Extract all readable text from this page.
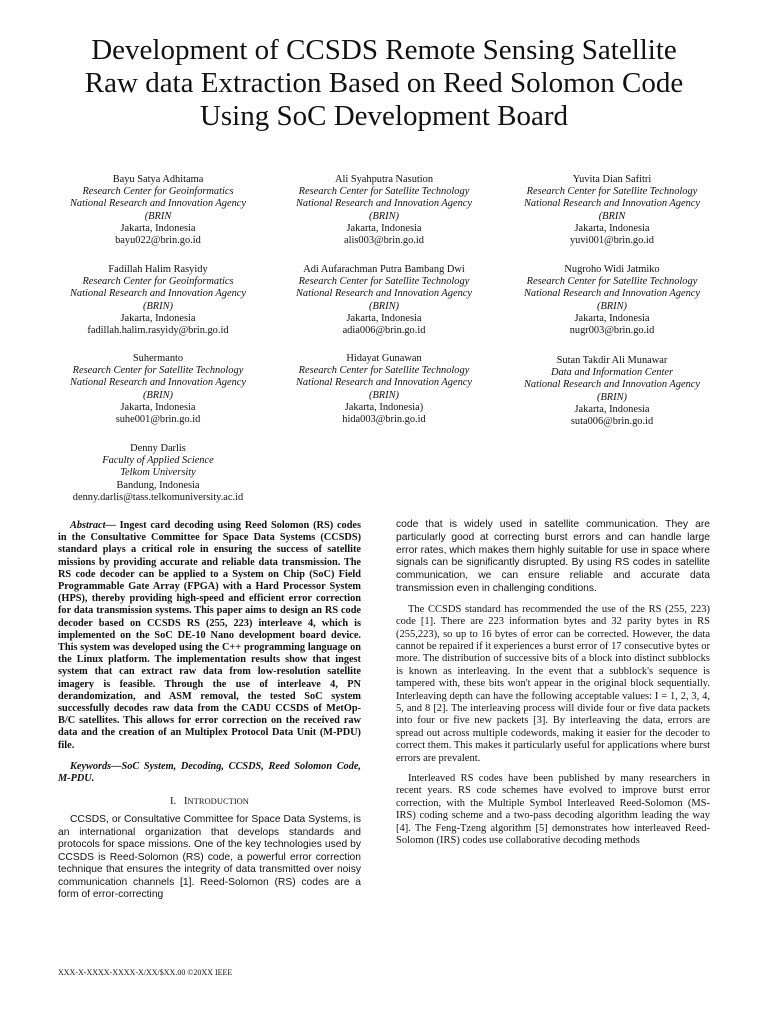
Development of CCSDS Remote Sensing Satellite
Raw data Extraction Based on Reed Solomon Code
Using SoC Development Board
Bayu Satya Adhitama
Research Center for Geoinformatics
National Research and Innovation Agency
(BRIN
Jakarta, Indonesia
bayu022@brin.go.id
Ali Syahputra Nasution
Research Center for Satellite Technology
National Research and Innovation Agency
(BRIN)
Jakarta, Indonesia
alis003@brin.go.id
Yuvita Dian Safitri
Research Center for Satellite Technology
National Research and Innovation Agency
(BRIN
Jakarta, Indonesia
yuvi001@brin.go.id
Fadillah Halim Rasyidy
Research Center for Geoinformatics
National Research and Innovation Agency
(BRIN)
Jakarta, Indonesia
fadillah.halim.rasyidy@brin.go.id
Adi Aufarachman Putra Bambang Dwi
Research Center for Satellite Technology
National Research and Innovation Agency
(BRIN)
Jakarta, Indonesia
adia006@brin.go.id
Nugroho Widi Jatmiko
Research Center for Satellite Technology
National Research and Innovation Agency
(BRIN)
Jakarta, Indonesia
nugr003@brin.go.id
Suhermanto
Research Center for Satellite Technology
National Research and Innovation Agency
(BRIN)
Jakarta, Indonesia
suhe001@brin.go.id
Hidayat Gunawan
Research Center for Satellite Technology
National Research and Innovation Agency
(BRIN)
Jakarta, Indonesia)
hida003@brin.go.id
Sutan Takdir Ali Munawar
Data and Information Center
National Research and Innovation Agency
(BRIN)
Jakarta, Indonesia
suta006@brin.go.id
Denny Darlis
Faculty of Applied Science
Telkom University
Bandung, Indonesia
denny.darlis@tass.telkomuniversity.ac.id

Abstract— Ingest card decoding using Reed Solomon (RS) codes in the Consultative Committee for Space Data Systems (CCSDS) standard plays a critical role in ensuring the success of satellite missions by providing accurate and reliable data transmission. The RS code decoder can be applied to a System on Chip (SoC) Field Programmable Gate Array (FPGA) with a Hard Processor System (HPS), thereby providing high-speed and efficient error correction for data transmission systems. This paper aims to design an RS code decoder based on CCSDS RS (255, 223) interleave 4, which is implemented on the SoC DE-10 Nano development board device. This system was developed using the C++ programming language on the Linux platform. The implementation results show that ingest system that can extract raw data from low-resolution satellite imagery is feasible. Through the use of interleave 4, PN derandomization, and ASM removal, the tested SoC system successfully decodes raw data from the CADU CCSDS of MetOp-B/C satellites. This allows for error correction on the received raw data and the creation of an Multiplex Protocol Data Unit (M-PDU) file.

Keywords—SoC System, Decoding, CCSDS, Reed Solomon Code, M-PDU.

I. INTRODUCTION

CCSDS, or Consultative Committee for Space Data Systems, is an international organization that develops standards and protocols for space missions. One of the key technologies used by CCSDS is Reed-Solomon (RS) code, a powerful error correction technique that ensures the integrity of data transmitted over noisy communication channels [1]. Reed-Solomon (RS) codes are a form of error-correcting

code that is widely used in satellite communication. They are particularly good at correcting burst errors and can handle large error rates, which makes them highly suitable for use in space where signals can be significantly disrupted. By using RS codes in satellite communication, we can ensure reliable and accurate data transmission even in challenging conditions.

The CCSDS standard has recommended the use of the RS (255, 223) code [1]. There are 223 information bytes and 32 parity bytes in RS (255,223), so up to 16 bytes of error can be corrected. However, the data cannot be repaired if it experiences a burst error of 17 consecutive bytes or more. The distribution of successive bits of a block into distinct subblocks is known as interleaving. In the event that a subblock's sequence is tampered with, these bits won't appear in the original block sequentially. Interleaving depth can have the following acceptable values: I = 1, 2, 3, 4, 5, and 8 [2]. The interleaving process will divide four or five data packets into four or five new packets [3]. By interleaving the data, errors are spread out across multiple codewords, making it easier for the decoder to correct them. This makes it particularly useful for applications where burst errors are prevalent.

Interleaved RS codes have been published by many researchers in recent years. RS code schemes have evolved to improve burst error correction, with the Multiple Symbol Interleaved Reed-Solomon (MS-IRS) coding scheme and a two-pass decoding algorithm leading the way [4]. The Feng-Tzeng algorithm [5] demonstrates how interleaved Reed-Solomon (IRS) codes use collaborative decoding methods

XXX-X-XXXX-XXXX-X/XX/$XX.00 ©20XX IEEE
